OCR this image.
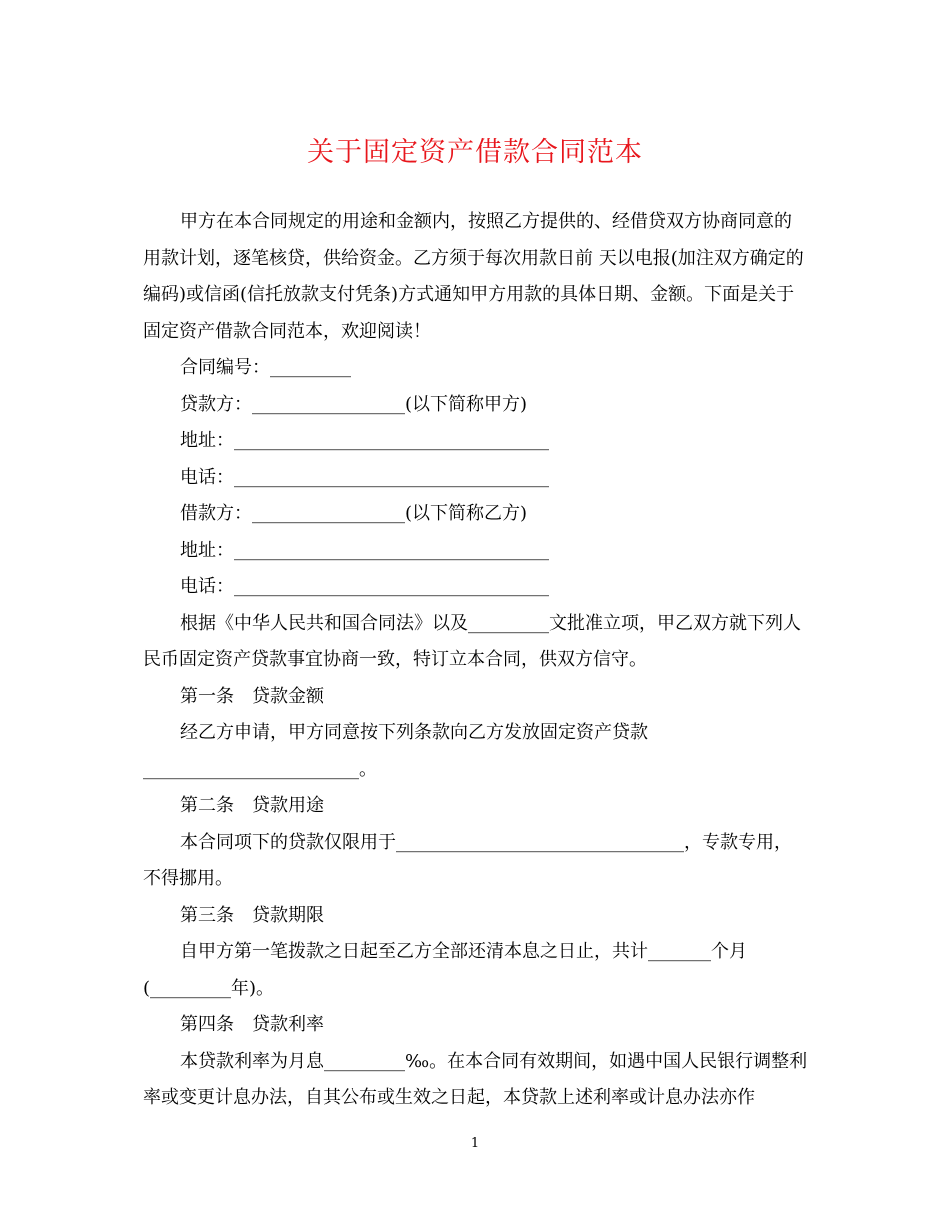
关于固定资产借款合同范本

甲方在本合同规定的用途和金额内，按照乙方提供的、经借贷双方协商同意的用款计划，逐笔核贷，供给资金。乙方须于每次用款日前 天以电报(加注双方确定的编码)或信函(信托放款支付凭条)方式通知甲方用款的具体日期、金额。下面是关于固定资产借款合同范本，欢迎阅读！

合同编号：_________

贷款方：_________________(以下简称甲方)

地址：___________________________________

电话：___________________________________

借款方：_________________(以下简称乙方)

地址：___________________________________

电话：___________________________________

根据《中华人民共和国合同法》以及_________文批准立项，甲乙双方就下列人民币固定资产贷款事宜协商一致，特订立本合同，供双方信守。

第一条　贷款金额

经乙方申请，甲方同意按下列条款向乙方发放固定资产贷款

________________________。

第二条　贷款用途

本合同项下的贷款仅限用于________________________________，专款专用，不得挪用。

第三条　贷款期限

自甲方第一笔拨款之日起至乙方全部还清本息之日止，共计_______个月(_________年)。

第四条　贷款利率

本贷款利率为月息_________‰。在本合同有效期间，如遇中国人民银行调整利率或变更计息办法，自其公布或生效之日起，本贷款上述利率或计息办法亦作

1
